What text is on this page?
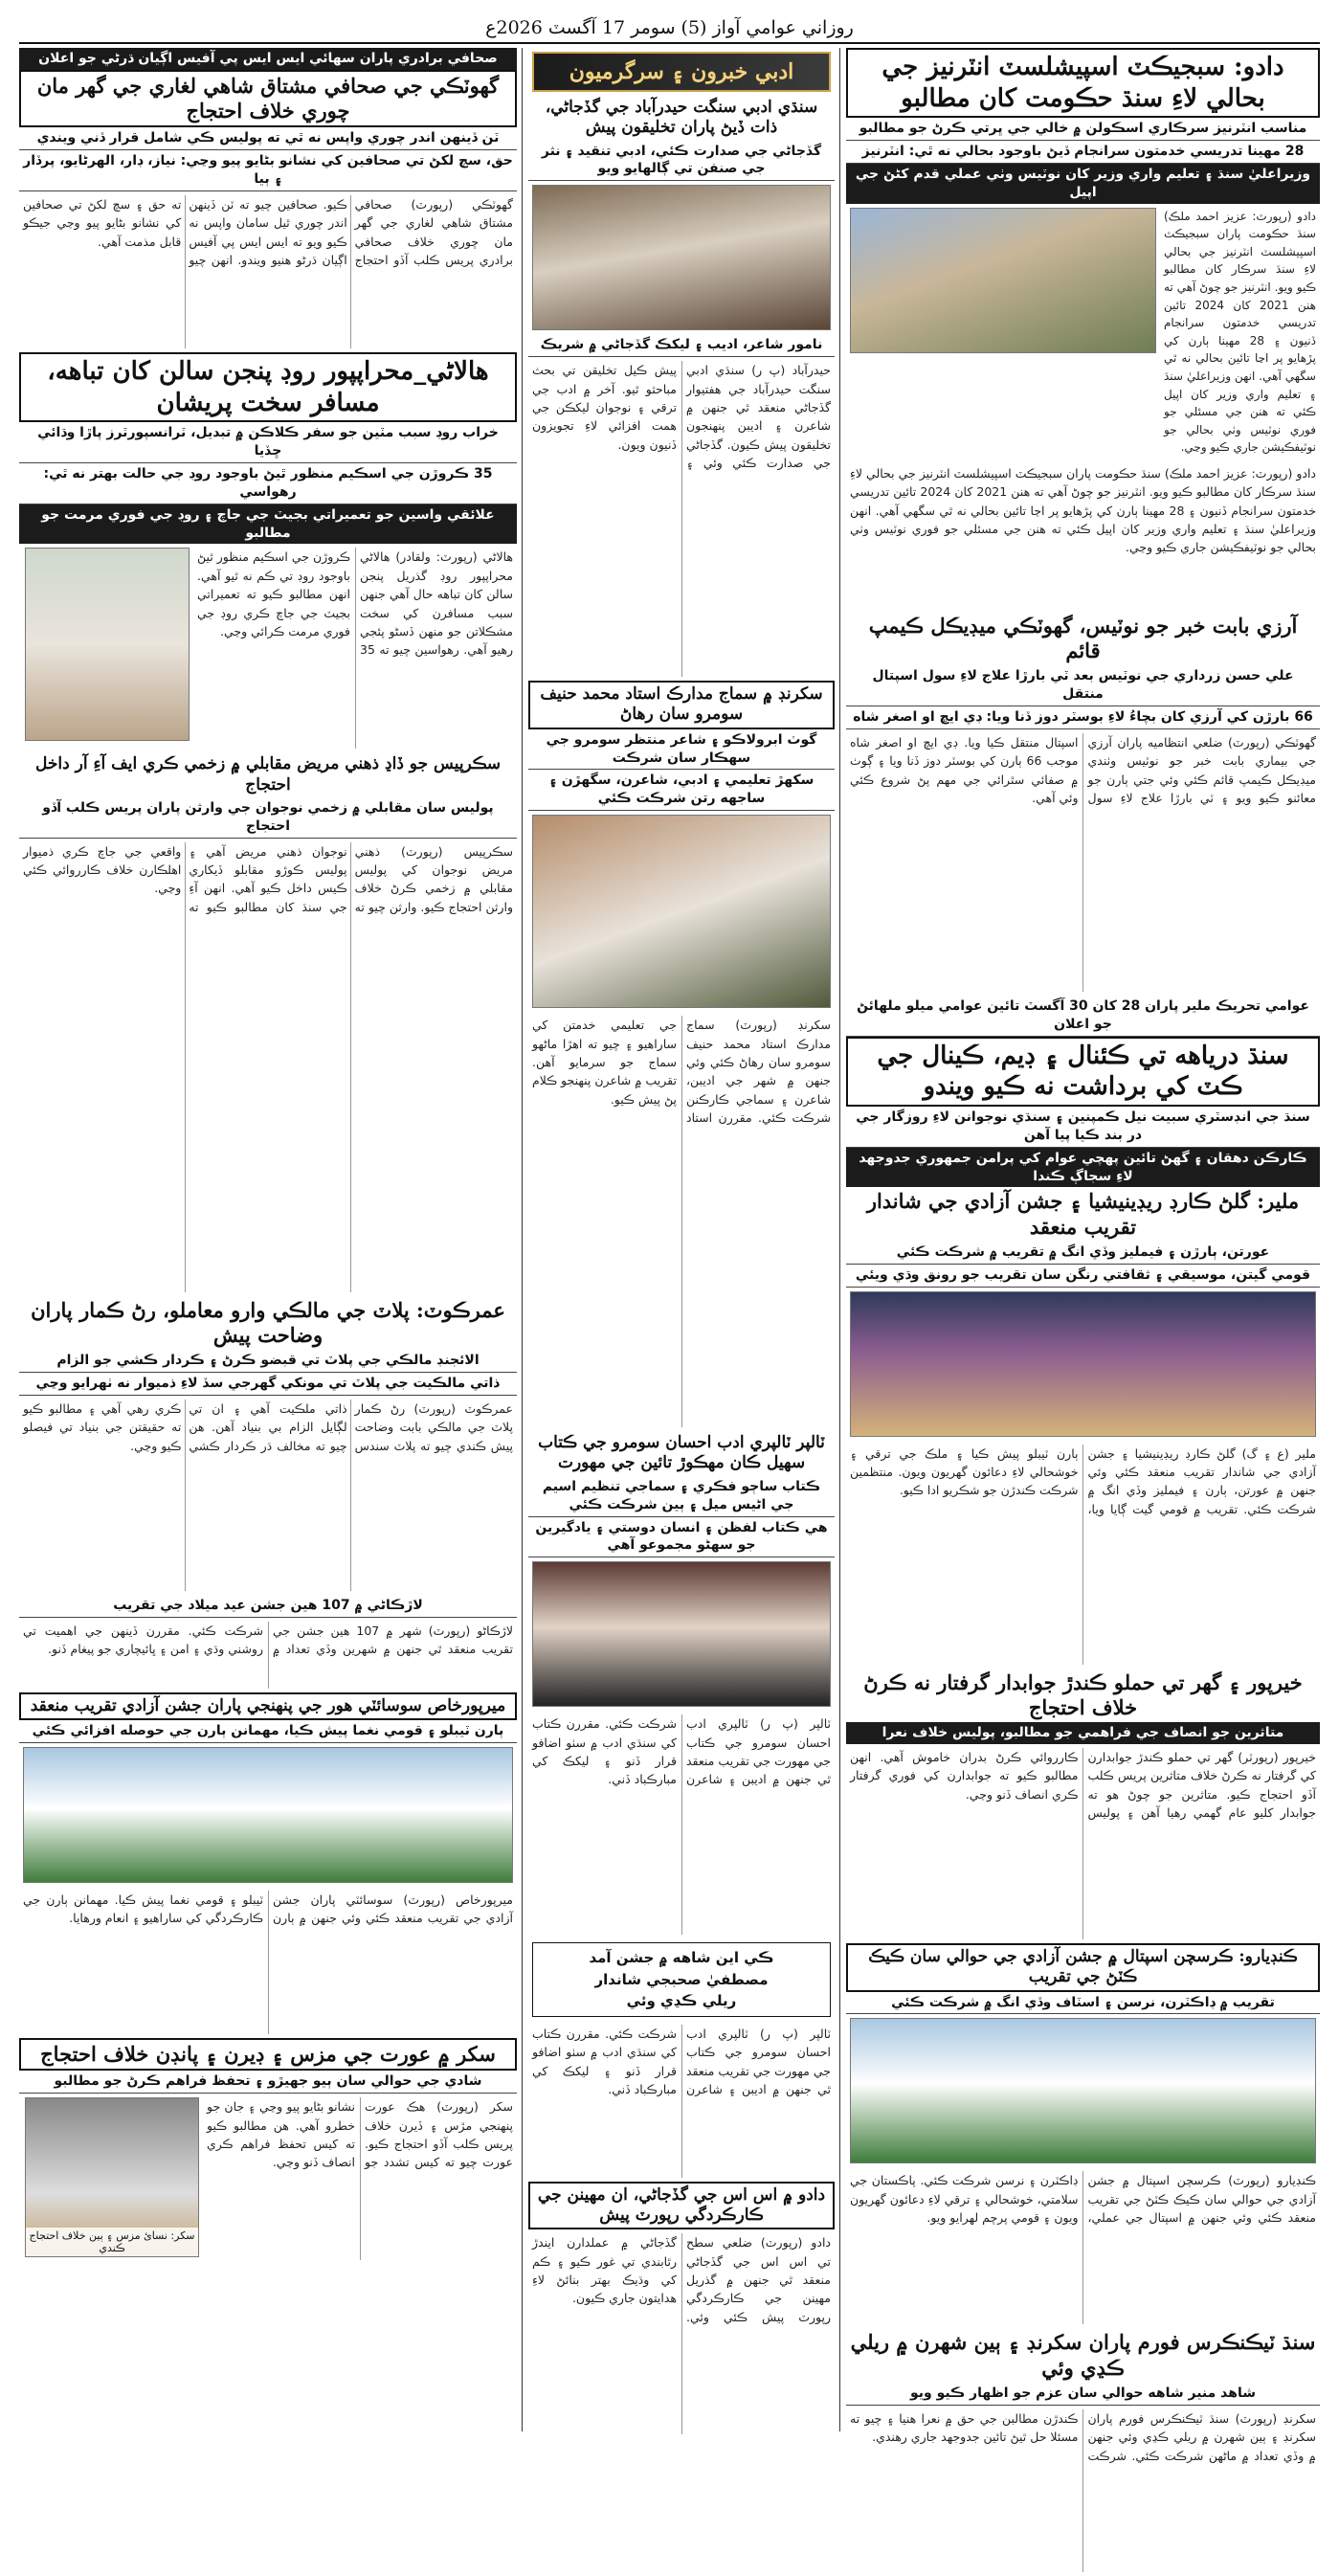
روزاني عوامي آواز (5) سومر 17 آگسٽ 2026ع
دادو: سبجيڪٽ اسپيشلسٽ انٽرنيز جي بحالي لاءِ سنڌ حڪومت کان مطالبو
مناسب انٽرنيز سرڪاري اسڪولن ۾ خالي جي ڀرتي ڪرڻ جو مطالبو
28 مهينا تدريسي خدمتون سرانجام ڏيڻ باوجود بحالي نه ٿي: انٽرنيز
وزيراعليٰ سنڌ ۽ تعليم واري وزير کان نوٽيس وٺي عملي قدم کڻڻ جي اپيل
دادو (رپورٽ: عزيز احمد ملڪ) سنڌ حڪومت پاران سبجيڪٽ اسپيشلسٽ انٽرنيز جي بحالي لاءِ سنڌ سرڪار کان مطالبو ڪيو ويو. انٽرنيز جو چوڻ آهي ته هنن 2021 کان 2024 تائين تدريسي خدمتون سرانجام ڏنيون ۽ 28 مهينا ٻارن کي پڙهايو پر اڃا تائين بحالي نه ٿي سگهي آهي. انهن وزيراعليٰ سنڌ ۽ تعليم واري وزير کان اپيل ڪئي ته هنن جي مسئلي جو فوري نوٽيس وٺي بحالي جو نوٽيفڪيشن جاري ڪيو وڃي.
دادو (رپورٽ: عزيز احمد ملڪ) سنڌ حڪومت پاران سبجيڪٽ اسپيشلسٽ انٽرنيز جي بحالي لاءِ سنڌ سرڪار کان مطالبو ڪيو ويو. انٽرنيز جو چوڻ آهي ته هنن 2021 کان 2024 تائين تدريسي خدمتون سرانجام ڏنيون ۽ 28 مهينا ٻارن کي پڙهايو پر اڃا تائين بحالي نه ٿي سگهي آهي. انهن وزيراعليٰ سنڌ ۽ تعليم واري وزير کان اپيل ڪئي ته هنن جي مسئلي جو فوري نوٽيس وٺي بحالي جو نوٽيفڪيشن جاري ڪيو وڃي.
آرزي بابت خبر جو نوٽيس، گهوٽڪي ميڊيڪل ڪيمپ قائم
علي حسن زرداري جي نوٽيس بعد ٽي بارڙا علاج لاءِ سول اسپتال منتقل
66 بارڙن کي آرزي کان بچاءُ لاءِ بوسٽر دوز ڏنا ويا: ڊي ايڇ او اصغر شاه
گهوٽڪي (رپورٽ) ضلعي انتظاميه پاران آرزي جي بيماري بابت خبر جو نوٽيس وٺندي ميڊيڪل ڪيمپ قائم ڪئي وئي جتي ٻارن جو معائنو ڪيو ويو ۽ ٽي بارڙا علاج لاءِ سول اسپتال منتقل ڪيا ويا. ڊي ايڇ او اصغر شاه موجب 66 ٻارن کي بوسٽر دوز ڏنا ويا ۽ ڳوٺ ۾ صفائي سٿرائي جي مهم پڻ شروع ڪئي وئي آهي.
عوامي تحريڪ ملير پاران 28 کان 30 آگسٽ تائين عوامي ميلو ملهائڻ جو اعلان
سنڌ درياهه تي ڪئنال ۽ ڊيم، ڪينال جي ڪٽ کي برداشت نه ڪيو ويندو
سنڌ جي انڊسٽري سبيت نيل ڪمپنين ۽ سنڌي نوجوانن لاءِ روزگار جي در بند ڪيا پيا آهن
ڪارڪن دهقان ۽ گهڻ تائين پهچي عوام کي پرامن جمهوري جدوجهد لاءِ سجاڳ ڪندا
ملير: گلڻ ڪارڊ ريڊينيشيا ۽ جشن آزادي جي شاندار تقريب منعقد
عورتن، ٻارڙن ۽ فيمليز وڏي انگ ۾ تقريب ۾ شرڪت ڪئي
قومي گيتن، موسيقي ۽ ثقافتي رنگن سان تقريب جو رونق وڌي ويئي
ملير (ع ۽ گ) گلڻ ڪارڊ ريڊينيشيا ۽ جشن آزادي جي شاندار تقريب منعقد ڪئي وئي جنهن ۾ عورتن، ٻارن ۽ فيمليز وڏي انگ ۾ شرڪت ڪئي. تقريب ۾ قومي گيت ڳايا ويا، ٻارن ٽيبلو پيش ڪيا ۽ ملڪ جي ترقي ۽ خوشحالي لاءِ دعائون گهريون ويون. منتظمين شرڪت ڪندڙن جو شڪريو ادا ڪيو.
خيرپور ۽ گهر تي حملو ڪندڙ جوابدار گرفتار نه ڪرڻ خلاف احتجاج
متاثرين جو انصاف جي فراهمي جو مطالبو، پوليس خلاف نعرا
خيرپور (رپورٽر) گهر تي حملو ڪندڙ جوابدارن کي گرفتار نه ڪرڻ خلاف متاثرين پريس ڪلب آڏو احتجاج ڪيو. متاثرين جو چوڻ هو ته جوابدار کليو عام گهمي رهيا آهن ۽ پوليس ڪارروائي ڪرڻ بدران خاموش آهي. انهن مطالبو ڪيو ته جوابدارن کي فوري گرفتار ڪري انصاف ڏنو وڃي.
ڪنڊيارو: ڪرسچن اسپتال ۾ جشن آزادي جي حوالي سان ڪيڪ ڪٽڻ جي تقريب
تقريب ۾ ڊاڪٽرن، نرسن ۽ اسٽاف وڏي انگ ۾ شرڪت ڪئي
ڪنڊيارو (رپورٽ) ڪرسچن اسپتال ۾ جشن آزادي جي حوالي سان ڪيڪ ڪٽڻ جي تقريب منعقد ڪئي وئي جنهن ۾ اسپتال جي عملي، ڊاڪٽرن ۽ نرسن شرڪت ڪئي. پاڪستان جي سلامتي، خوشحالي ۽ ترقي لاءِ دعائون گهريون ويون ۽ قومي پرچم لهرايو ويو.
سنڌ ٽيڪنڪرس فورم پاران سکرنڊ ۽ ٻين شهرن ۾ ريلي ڪڍي وئي
شاهد منير شاهه حوالي سان عزم جو اظهار ڪيو ويو
سکرنڊ (رپورٽ) سنڌ ٽيڪنڪرس فورم پاران سکرنڊ ۽ ٻين شهرن ۾ ريلي ڪڍي وئي جنهن ۾ وڏي تعداد ۾ ماڻهن شرڪت ڪئي. شرڪت ڪندڙن مطالبن جي حق ۾ نعرا هنيا ۽ چيو ته مسئلا حل ٿيڻ تائين جدوجهد جاري رهندي.
ادبي خبرون ۽ سرگرميون
سنڌي ادبي سنگت حيدرآباد جي گڏجاڻي، ذات ڏيڻ پاران تخليقون پيش
گڏجاڻي جي صدارت ڪئي، ادبي تنقيد ۽ نثر جي صنفن تي ڳالهايو ويو
نامور شاعر، اديب ۽ ليکڪ گڏجاڻي ۾ شريڪ
حيدرآباد (پ ر) سنڌي ادبي سنگت حيدرآباد جي هفتيوار گڏجاڻي منعقد ٿي جنهن ۾ شاعرن ۽ اديبن پنهنجون تخليقون پيش ڪيون. گڏجاڻي جي صدارت ڪئي وئي ۽ پيش ڪيل تخليقن تي بحث مباحثو ٿيو. آخر ۾ ادب جي ترقي ۽ نوجوان ليکڪن جي همت افزائي لاءِ تجويزون ڏنيون ويون.
سکرنڊ ۾ سماج مدارڪ استاد محمد حنيف سومرو سان رهاڻ
گوٺ ابرولاڪو ۽ شاعر منتظر سومرو جي سهڪار سان شرڪت
سکهڙ تعليمي ۽ ادبي، شاعرن، سگهڙن ۽ ساجهه رتن شرڪت ڪئي
سکرنڊ (رپورٽ) سماج مدارڪ استاد محمد حنيف سومرو سان رهاڻ ڪئي وئي جنهن ۾ شهر جي اديبن، شاعرن ۽ سماجي ڪارڪنن شرڪت ڪئي. مقررن استاد جي تعليمي خدمتن کي ساراهيو ۽ چيو ته اهڙا ماڻهو سماج جو سرمايو آهن. تقريب ۾ شاعرن پنهنجو ڪلام پڻ پيش ڪيو.
ٽالپر ٽالپري ادب احسان سومرو جي ڪتاب سهيل ڪان مهڪوڙ تائين جي مهورت
ڪتاب ساڄو فڪري ۽ سماجي تنظيم اسيم جي اڻيس ميل ۽ ٻين شرڪت ڪئي
هي ڪتاب لفظن ۽ انسان دوستي ۽ يادگيرين جو سهڻو مجموعو آهي
ٽالپر (پ ر) ٽالپري ادب احسان سومرو جي ڪتاب جي مهورت جي تقريب منعقد ٿي جنهن ۾ اديبن ۽ شاعرن شرڪت ڪئي. مقررن ڪتاب کي سنڌي ادب ۾ سٺو اضافو قرار ڏنو ۽ ليکڪ کي مبارڪباد ڏني.
ڪي اين شاهه ۾ جشن آمد
مصطفيٰ صحبجي شاندار
ريلي ڪڍي وئي
ٽالپر (پ ر) ٽالپري ادب احسان سومرو جي ڪتاب جي مهورت جي تقريب منعقد ٿي جنهن ۾ اديبن ۽ شاعرن شرڪت ڪئي. مقررن ڪتاب کي سنڌي ادب ۾ سٺو اضافو قرار ڏنو ۽ ليکڪ کي مبارڪباد ڏني.
دادو ۾ اس اس جي گڏجاڻي، ان مهينن جي ڪارڪردگي رپورٽ پيش
دادو (رپورٽ) ضلعي سطح تي اس اس جي گڏجاڻي منعقد ٿي جنهن ۾ گذريل مهينن جي ڪارڪردگي رپورٽ پيش ڪئي وئي. گڏجاڻي ۾ عملدارن ايندڙ رٿابندي تي غور ڪيو ۽ ڪم کي وڌيڪ بهتر بنائڻ لاءِ هدايتون جاري ڪيون.
صحافي برادري پاران سهائي ايس ايس پي آفيس اڳيان ڌرڻي جو اعلان
گهوٽڪي جي صحافي مشتاق شاهي لغاري جي گهر مان چوري خلاف احتجاج
ٽن ڏينهن اندر چوري واپس نه ٿي ته پوليس ڪي شامل قرار ڏني ويندي
حق، سچ لکڻ تي صحافين کي نشانو بڻايو پيو وڃي: نياز، ڊار، الهرڻايو، پرڏار ۽ ٻيا
گهوٽڪي (رپورٽ) صحافي مشتاق شاهي لغاري جي گهر مان چوري خلاف صحافي برادري پريس ڪلب آڏو احتجاج ڪيو. صحافين چيو ته ٽن ڏينهن اندر چوري ٿيل سامان واپس نه ڪيو ويو ته ايس ايس پي آفيس اڳيان ڌرڻو هنيو ويندو. انهن چيو ته حق ۽ سچ لکڻ تي صحافين کي نشانو بڻايو پيو وڃي جيڪو قابل مذمت آهي.
هالاڻي_محراپپور روڊ پنجن سالن کان تباهه، مسافر سخت پريشان
خراب روڊ سبب مٽين جو سفر ڪلاڪن ۾ تبديل، ٽرانسپورٽرز پاڙا وڌائي ڇڏيا
35 ڪروڙن جي اسڪيم منظور ٿيڻ باوجود روڊ جي حالت بهتر نه ٿي: رهواسي
علائقي واسين جو تعميراتي بجيٽ جي جاچ ۽ روڊ جي فوري مرمت جو مطالبو
هالاڻي (رپورٽ: ولقادر) هالاڻي محراپپور روڊ گذريل پنجن سالن کان تباهه حال آهي جنهن سبب مسافرن کي سخت مشڪلاتن جو منهن ڏسڻو پئجي رهيو آهي. رهواسين چيو ته 35 ڪروڙن جي اسڪيم منظور ٿيڻ باوجود روڊ تي ڪم نه ٿيو آهي. انهن مطالبو ڪيو ته تعميراتي بجيٽ جي جاچ ڪري روڊ جي فوري مرمت ڪرائي وڃي.
سڪرپيس جو ڏاڍ ذهني مريض مقابلي ۾ زخمي ڪري ايف آءِ آر داخل احتجاج
پوليس سان مقابلي ۾ زخمي نوجوان جي وارثن پاران پريس ڪلب آڏو احتجاج
سڪرپيس (رپورٽ) ذهني مريض نوجوان کي پوليس مقابلي ۾ زخمي ڪرڻ خلاف وارثن احتجاج ڪيو. وارثن چيو ته نوجوان ذهني مريض آهي ۽ پوليس ڪوڙو مقابلو ڏيکاري ڪيس داخل ڪيو آهي. انهن آءِ جي سنڌ کان مطالبو ڪيو ته واقعي جي جاچ ڪري ذميوار اهلڪارن خلاف ڪارروائي ڪئي وڃي.
عمرڪوٽ: پلاٽ جي مالڪي وارو معاملو، رڻ ڪمار پاران وضاحت پيش
الائجنڊ مالڪي جي پلاٽ تي قبضو ڪرڻ ۽ ڪردار ڪشي جو الزام
ذاتي مالڪيت جي پلاٽ تي مونکي گهرجي سڏ لاءِ ذميوار نه ٺهرايو وڃي
عمرڪوٽ (رپورٽ) رڻ ڪمار پلاٽ جي مالڪي بابت وضاحت پيش ڪندي چيو ته پلاٽ سندس ذاتي ملڪيت آهي ۽ ان تي لڳايل الزام بي بنياد آهن. هن چيو ته مخالف ڌر ڪردار ڪشي ڪري رهي آهي ۽ مطالبو ڪيو ته حقيقتن جي بنياد تي فيصلو ڪيو وڃي.
لاڙڪاڻي ۾ 107 هين جشن عيد ميلاد جي تقريب
لاڙڪاڻو (رپورٽ) شهر ۾ 107 هين جشن جي تقريب منعقد ٿي جنهن ۾ شهرين وڏي تعداد ۾ شرڪت ڪئي. مقررن ڏينهن جي اهميت تي روشني وڌي ۽ امن ۽ ڀائيچاري جو پيغام ڏنو.
ميرپورخاص سوسائٽي هور جي پنهنجي پاران جشن آزادي تقريب منعقد
ٻارن ٽيبلو ۽ قومي نغما پيش ڪيا، مهمانن ٻارن جي حوصله افزائي ڪئي
ميرپورخاص (رپورٽ) سوسائٽي پاران جشن آزادي جي تقريب منعقد ڪئي وئي جنهن ۾ ٻارن ٽيبلو ۽ قومي نغما پيش ڪيا. مهمانن ٻارن جي ڪارڪردگي کي ساراهيو ۽ انعام ورهايا.
سکر ۾ عورت جي مزس ۽ ڊيرن ۽ پانڊن خلاف احتجاج
شادي جي حوالي سان ٻيو جهيڙو ۽ تحفظ فراهم ڪرڻ جو مطالبو
سکر (رپورٽ) هڪ عورت پنهنجي مڙس ۽ ڏيرن خلاف پريس ڪلب آڏو احتجاج ڪيو. عورت چيو ته کيس تشدد جو نشانو بڻايو پيو وڃي ۽ جان جو خطرو آهي. هن مطالبو ڪيو ته کيس تحفظ فراهم ڪري انصاف ڏنو وڃي.
سکر: نسائ مزس ۽ ٻين خلاف احتجاج ڪندي
